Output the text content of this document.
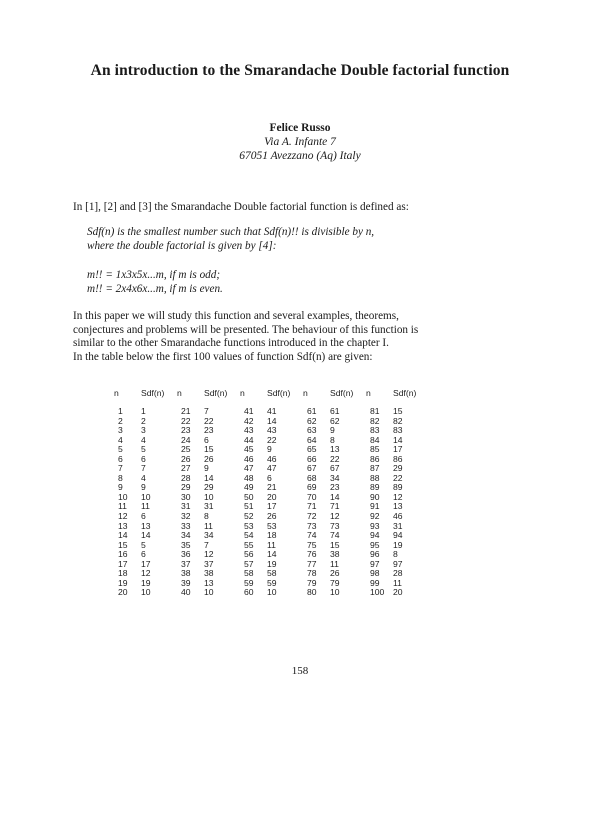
An introduction to the Smarandache Double factorial function
Felice Russo
Via A. Infante 7
67051 Avezzano (Aq) Italy
In [1], [2] and [3] the Smarandache Double factorial function is defined as:
Sdf(n) is the smallest number such that Sdf(n)!! is divisible by n,
where the double factorial is given by [4]:
m!! = 1x3x5x...m, if m is odd;
m!! = 2x4x6x...m, if m is even.
In this paper we will study this function and several examples, theorems,
conjectures and problems will be presented. The behaviour of this function is
similar to the other Smarandache functions introduced in the chapter I.
In the table below the first 100 values of function Sdf(n) are given:
n	Sdf(n)	n	Sdf(n)	n	Sdf(n)	n	Sdf(n)	n	Sdf(n)
1	1	21	7	41	41	61	61	81	15
2	2	22	22	42	14	62	62	82	82
3	3	23	23	43	43	63	9	83	83
4	4	24	6	44	22	64	8	84	14
5	5	25	15	45	9	65	13	85	17
6	6	26	26	46	46	66	22	86	86
7	7	27	9	47	47	67	67	87	29
8	4	28	14	48	6	68	34	88	22
9	9	29	29	49	21	69	23	89	89
10	10	30	10	50	20	70	14	90	12
11	11	31	31	51	17	71	71	91	13
12	6	32	8	52	26	72	12	92	46
13	13	33	11	53	53	73	73	93	31
14	14	34	34	54	18	74	74	94	94
15	5	35	7	55	11	75	15	95	19
16	6	36	12	56	14	76	38	96	8
17	17	37	37	57	19	77	11	97	97
18	12	38	38	58	58	78	26	98	28
19	19	39	13	59	59	79	79	99	11
20	10	40	10	60	10	80	10	100	20
158
